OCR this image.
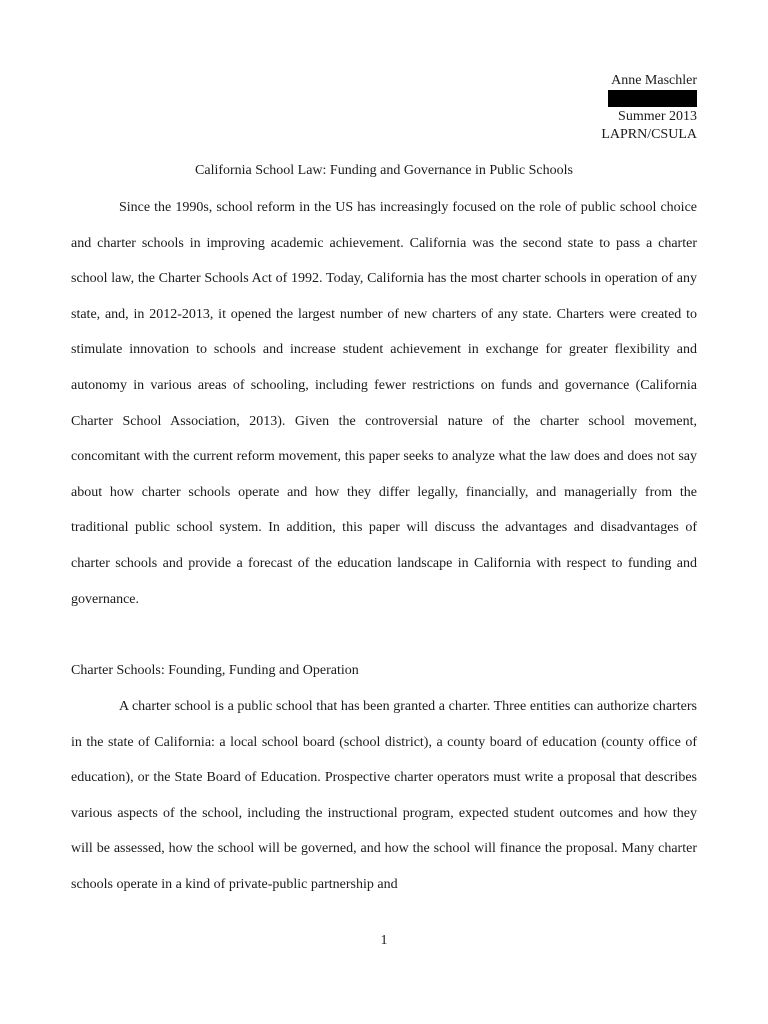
Anne Maschler
Summer 2013
LAPRN/CSULA
California School Law: Funding and Governance in Public Schools

Since the 1990s, school reform in the US has increasingly focused on the role of public school choice and charter schools in improving academic achievement. California was the second state to pass a charter school law, the Charter Schools Act of 1992. Today, California has the most charter schools in operation of any state, and, in 2012-2013, it opened the largest number of new charters of any state. Charters were created to stimulate innovation to schools and increase student achievement in exchange for greater flexibility and autonomy in various areas of schooling, including fewer restrictions on funds and governance (California Charter School Association, 2013). Given the controversial nature of the charter school movement, concomitant with the current reform movement, this paper seeks to analyze what the law does and does not say about how charter schools operate and how they differ legally, financially, and managerially from the traditional public school system. In addition, this paper will discuss the advantages and disadvantages of charter schools and provide a forecast of the education landscape in California with respect to funding and governance.

Charter Schools: Founding, Funding and Operation

A charter school is a public school that has been granted a charter. Three entities can authorize charters in the state of California: a local school board (school district), a county board of education (county office of education), or the State Board of Education. Prospective charter operators must write a proposal that describes various aspects of the school, including the instructional program, expected student outcomes and how they will be assessed, how the school will be governed, and how the school will finance the proposal. Many charter schools operate in a kind of private-public partnership and

1
